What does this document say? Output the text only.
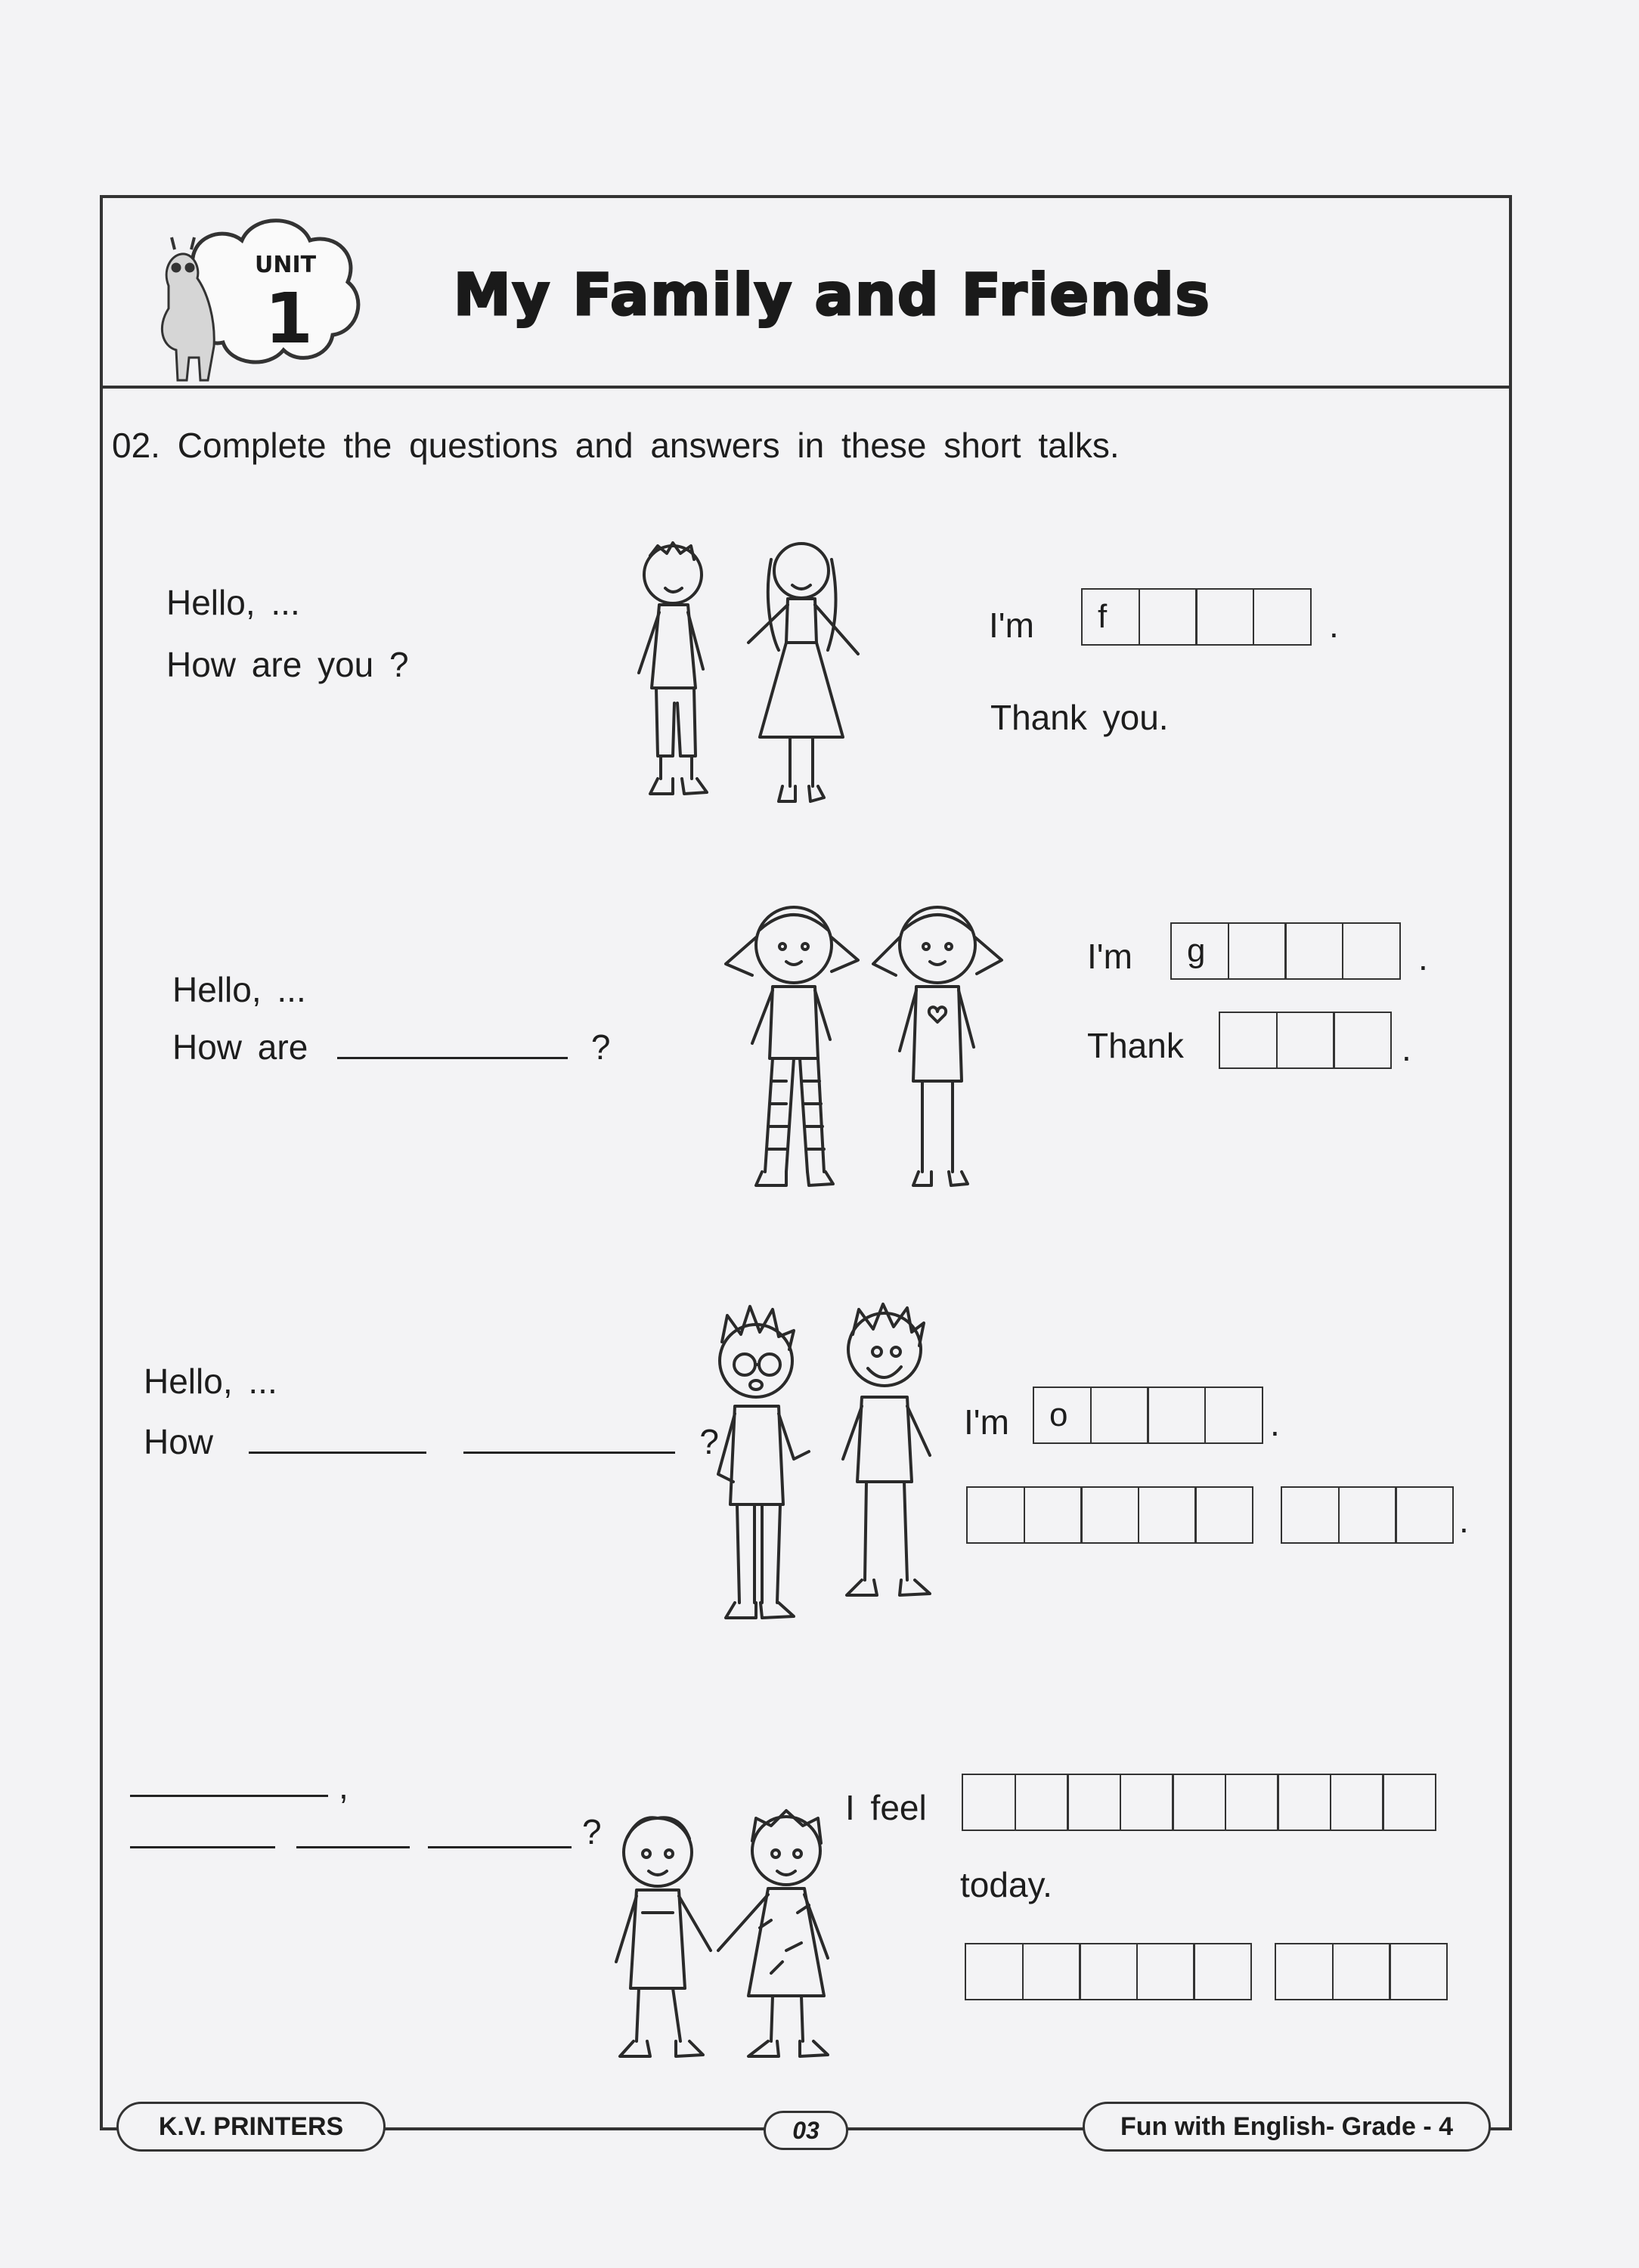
UNIT
1 My Family and Friends
02. Complete the questions and answers in these short talks.
Hello, ...
How are you ?
I'm	f	.
Thank you.
Hello, ...
How are	?
I'm	g	.
Thank	.
Hello, ...
How	?	I'm	o	.
.
,
?
I feel
today.
K.V. PRINTERS	03	Fun with English- Grade - 4
